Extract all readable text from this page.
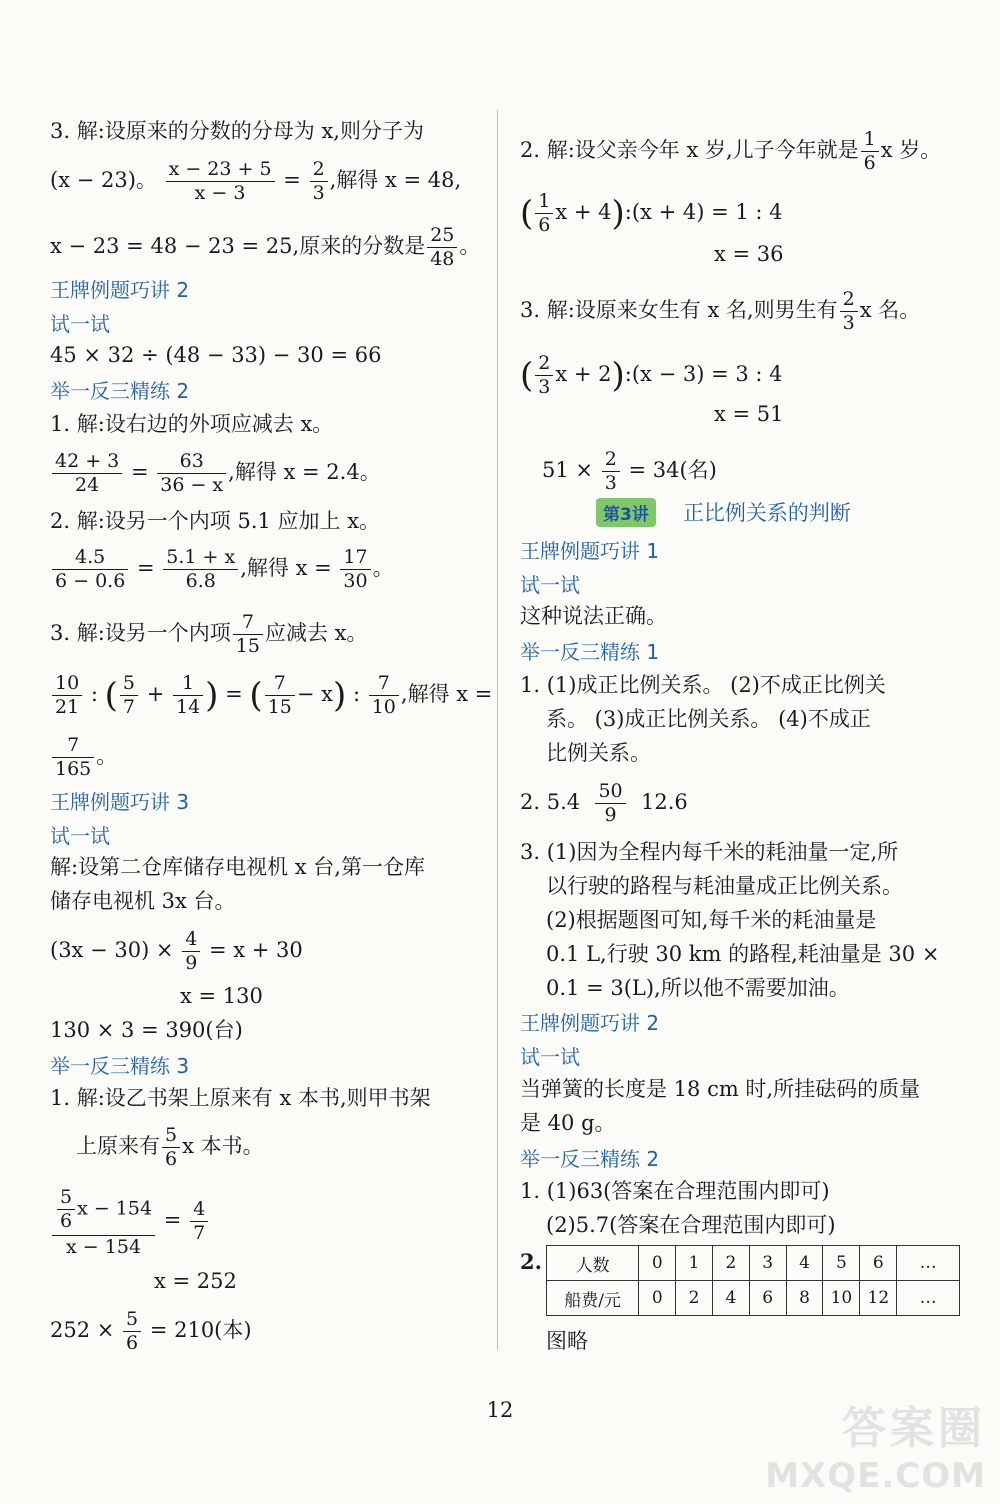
3. 解:设原来的分数的分母为 x,则分子为
(x − 23)。 $\frac{x - 23 + 5}{x - 3} = \frac{2}{3}$ ,解得 x = 48,
x − 23 = 48 − 23 = 25,原来的分数是 $\frac{25}{48}$ 。
王牌例题巧讲 2
试一试
45 × 32 ÷ (48 − 33) − 30 = 66
举一反三精练 2
1. 解:设右边的外项应减去 x。
$\frac{42 + 3}{24} = \frac{63}{36 - x}$ ,解得 x = 2.4。
2. 解:设另一个内项 5.1 应加上 x。
$\frac{4.5}{6 - 0.6} = \frac{5.1 + x}{6.8}$ ,解得 $x = \frac{17}{30}$ 。
3. 解:设另一个内项 $\frac{7}{15}$ 应减去 x。
$\frac{10}{21}$ : ( $\frac{5}{7} + \frac{1}{14}$ ) = ( $\frac{7}{15} - x$) : $\frac{7}{10}$ ,解得 x =
$\frac{7}{165}$ 。
王牌例题巧讲 3
试一试
解:设第二仓库储存电视机 x 台,第一仓库
储存电视机 3x 台。
$(3x - 30) \times \frac{4}{9} = x + 30$
x = 130
130 × 3 = 390(台)
举一反三精练 3
1. 解:设乙书架上原来有 x 本书,则甲书架
上原来有 $\frac{5}{6}$ x 本书。
$\frac{\frac{5}{6} x - 154}{x - 154} = \frac{4}{7}$
x = 252
$252 \times \frac{5}{6} = 210$(本)
2. 解:设父亲今年 x 岁,儿子今年就是 $\frac{1}{6}$ x 岁。
( $\frac{1}{6}$ x + 4):(x + 4) = 1 : 4
x = 36
3. 解:设原来女生有 x 名,则男生有 $\frac{2}{3}$ x 名。
( $\frac{2}{3}$ x + 2):(x − 3) = 3 : 4
x = 51
$51 \times \frac{2}{3} = 34$(名)
第3讲 正比例关系的判断
王牌例题巧讲 1
试一试
这种说法正确。
举一反三精练 1
1. (1)成正比例关系。 (2)不成正比例关
系。 (3)成正比例关系。 (4)不成正
比例关系。
2. $5.4 \frac{50}{9} 12.6$
3. (1)因为全程内每千米的耗油量一定,所
以行驶的路程与耗油量成正比例关系。
(2)根据题图可知,每千米的耗油量是
0.1 L,行驶 30 km 的路程,耗油量是 30 ×
0.1 = 3(L),所以他不需要加油。
王牌例题巧讲 2
试一试
当弹簧的长度是 18 cm 时,所挂砝码的质量
是 40 g。
举一反三精练 2
1. (1)63(答案在合理范围内即可)
(2)5.7(答案在合理范围内即可)
2. 人数	0	1	2	3	4	5	6	…
船费/元	0	2	4	6	8	10	12	…
图略
12	答案圈
MXQE.COM
